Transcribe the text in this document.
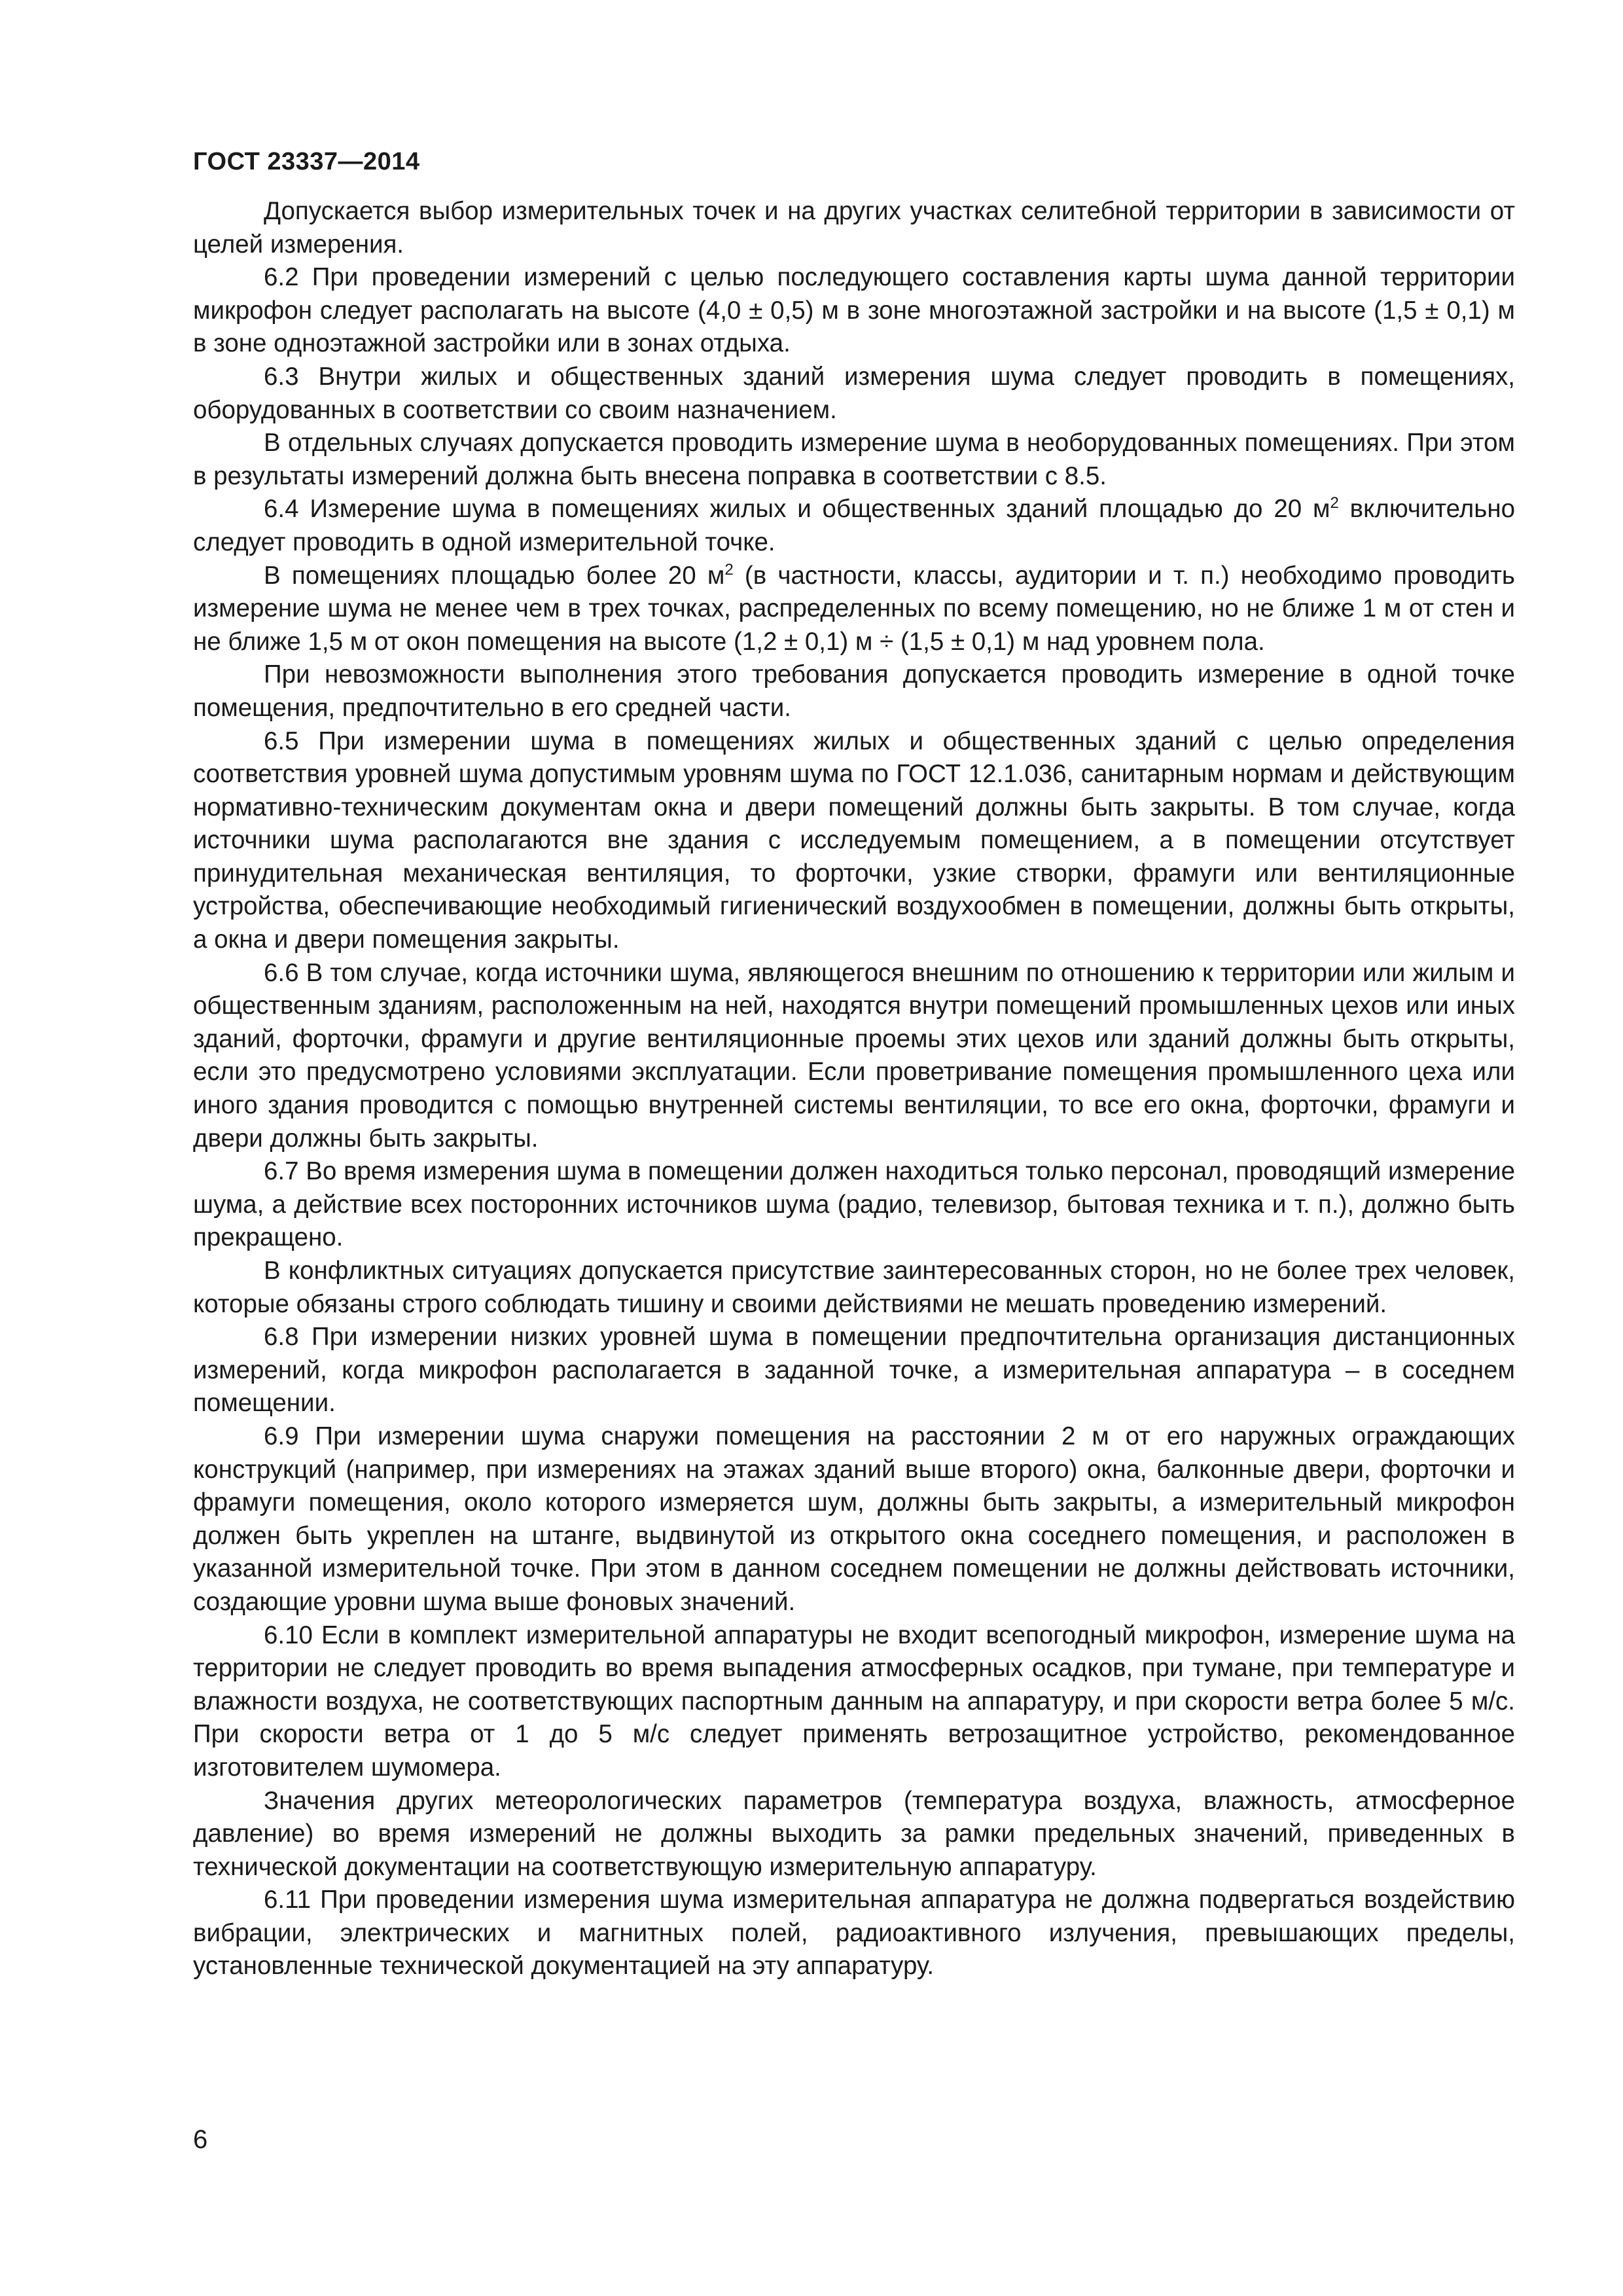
ГОСТ 23337—2014

Допускается выбор измерительных точек и на других участках селитебной территории в зависимости от целей измерения.

6.2 При проведении измерений с целью последующего составления карты шума данной территории микрофон следует располагать на высоте (4,0 ± 0,5) м в зоне многоэтажной застройки и на высоте (1,5 ± 0,1) м в зоне одноэтажной застройки или в зонах отдыха.

6.3 Внутри жилых и общественных зданий измерения шума следует проводить в помещениях, оборудованных в соответствии со своим назначением.

В отдельных случаях допускается проводить измерение шума в необорудованных помещениях. При этом в результаты измерений должна быть внесена поправка в соответствии с 8.5.

6.4 Измерение шума в помещениях жилых и общественных зданий площадью до 20 $м^2$ включительно следует проводить в одной измерительной точке.

В помещениях площадью более 20 $м^2$ (в частности, классы, аудитории и т. п.) необходимо проводить измерение шума не менее чем в трех точках, распределенных по всему помещению, но не ближе 1 м от стен и не ближе 1,5 м от окон помещения на высоте (1,2 ± 0,1) м ÷ (1,5 ± 0,1) м над уровнем пола.

При невозможности выполнения этого требования допускается проводить измерение в одной точке помещения, предпочтительно в его средней части.

6.5 При измерении шума в помещениях жилых и общественных зданий с целью определения соответствия уровней шума допустимым уровням шума по ГОСТ 12.1.036, санитарным нормам и действующим нормативно-техническим документам окна и двери помещений должны быть закрыты. В том случае, когда источники шума располагаются вне здания с исследуемым помещением, а в помещении отсутствует принудительная механическая вентиляция, то форточки, узкие створки, фрамуги или вентиляционные устройства, обеспечивающие необходимый гигиенический воздухообмен в помещении, должны быть открыты, а окна и двери помещения закрыты.

6.6 В том случае, когда источники шума, являющегося внешним по отношению к территории или жилым и общественным зданиям, расположенным на ней, находятся внутри помещений промышленных цехов или иных зданий, форточки, фрамуги и другие вентиляционные проемы этих цехов или зданий должны быть открыты, если это предусмотрено условиями эксплуатации. Если проветривание помещения промышленного цеха или иного здания проводится с помощью внутренней системы вентиляции, то все его окна, форточки, фрамуги и двери должны быть закрыты.

6.7 Во время измерения шума в помещении должен находиться только персонал, проводящий измерение шума, а действие всех посторонних источников шума (радио, телевизор, бытовая техника и т. п.), должно быть прекращено.

В конфликтных ситуациях допускается присутствие заинтересованных сторон, но не более трех человек, которые обязаны строго соблюдать тишину и своими действиями не мешать проведению измерений.

6.8 При измерении низких уровней шума в помещении предпочтительна организация дистанционных измерений, когда микрофон располагается в заданной точке, а измерительная аппаратура – в соседнем помещении.

6.9 При измерении шума снаружи помещения на расстоянии 2 м от его наружных ограждающих конструкций (например, при измерениях на этажах зданий выше второго) окна, балконные двери, форточки и фрамуги помещения, около которого измеряется шум, должны быть закрыты, а измерительный микрофон должен быть укреплен на штанге, выдвинутой из открытого окна соседнего помещения, и расположен в указанной измерительной точке. При этом в данном соседнем помещении не должны действовать источники, создающие уровни шума выше фоновых значений.

6.10 Если в комплект измерительной аппаратуры не входит всепогодный микрофон, измерение шума на территории не следует проводить во время выпадения атмосферных осадков, при тумане, при температуре и влажности воздуха, не соответствующих паспортным данным на аппаратуру, и при скорости ветра более 5 м/с. При скорости ветра от 1 до 5 м/с следует применять ветрозащитное устройство, рекомендованное изготовителем шумомера.

Значения других метеорологических параметров (температура воздуха, влажность, атмосферное давление) во время измерений не должны выходить за рамки предельных значений, приведенных в технической документации на соответствующую измерительную аппаратуру.

6.11 При проведении измерения шума измерительная аппаратура не должна подвергаться воздействию вибрации, электрических и магнитных полей, радиоактивного излучения, превышающих пределы, установленные технической документацией на эту аппаратуру.

6
